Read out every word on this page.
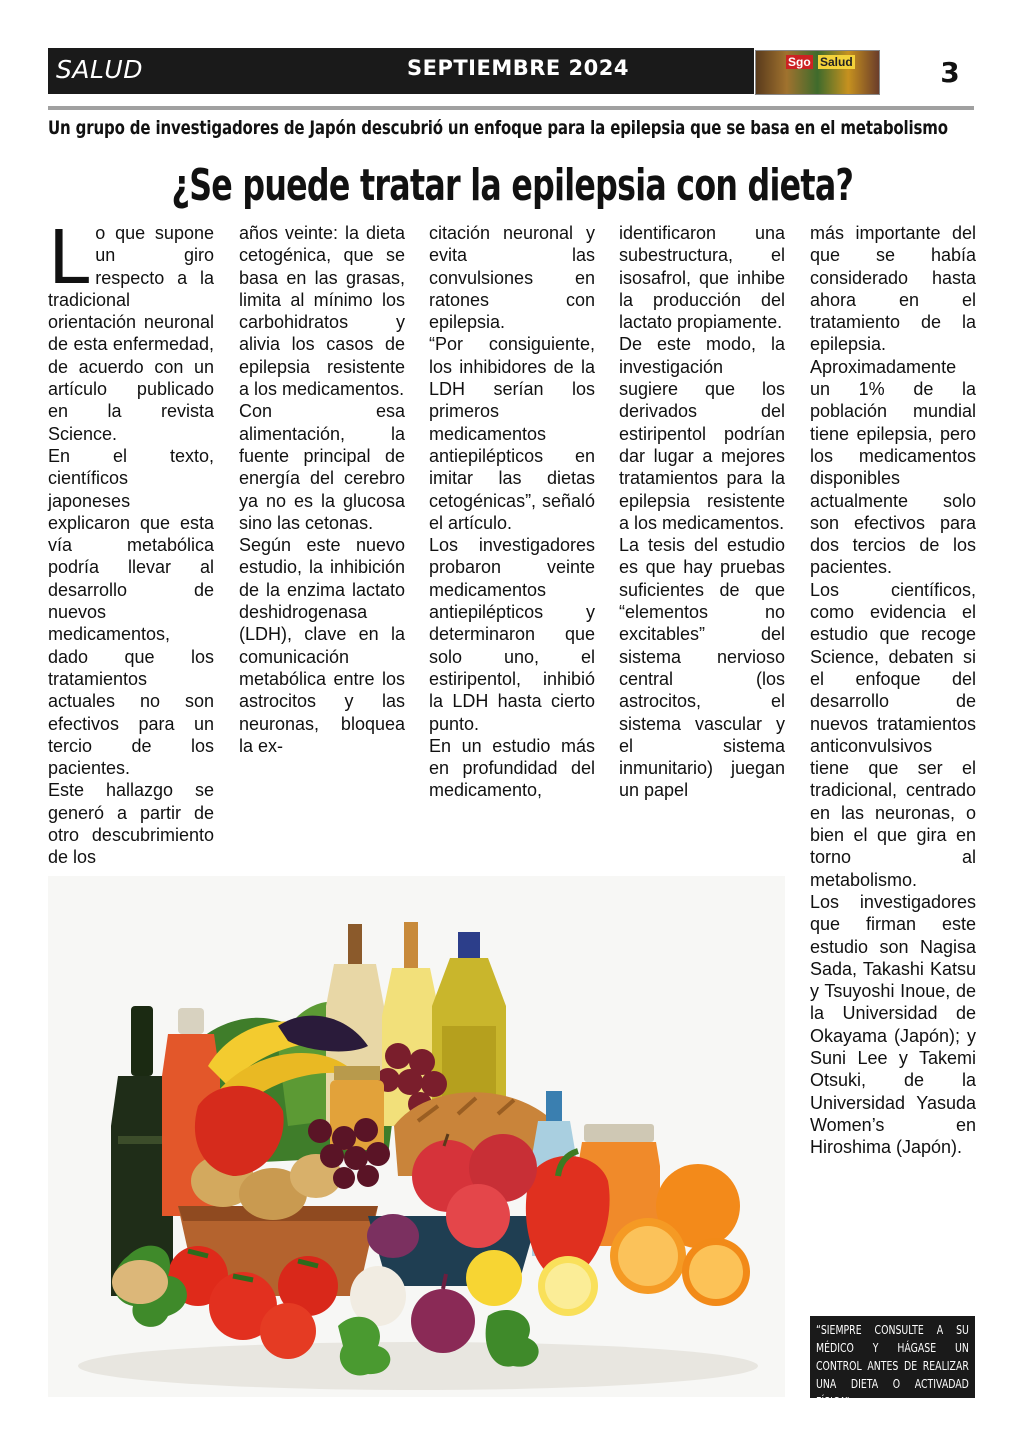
SALUD	SEPTIEMBRE 2024	Sgo Salud	3
Un grupo de investigadores de Japón descubrió un enfoque para la epilepsia que se basa en el metabolismo
¿Se puede tratar la epilepsia con dieta?

Lo que supone un giro respecto a la tradicional orientación neuronal de esta enfermedad, de acuerdo con un artículo publicado en la revista Science.

En el texto, científicos japoneses explicaron que esta vía metabólica podría llevar al desarrollo de nuevos medicamentos, dado que los tratamientos actuales no son efectivos para un tercio de los pacientes.

Este hallazgo se generó a partir de otro descubrimiento de los

años veinte: la dieta cetogénica, que se basa en las grasas, limita al mínimo los carbohidratos y alivia los casos de epilepsia resistente a los medicamentos.

Con esa alimentación, la fuente principal de energía del cerebro ya no es la glucosa sino las cetonas.

Según este nuevo estudio, la inhibición de la enzima lactato deshidrogenasa (LDH), clave en la comunicación metabólica entre los astrocitos y las neuronas, bloquea la ex-

citación neuronal y evita las convulsiones en ratones con epilepsia.

“Por consiguiente, los inhibidores de la LDH serían los primeros medicamentos antiepilépticos en imitar las dietas cetogénicas”, señaló el artículo.

Los investigadores probaron veinte medicamentos antiepilépticos y determinaron que solo uno, el estiripentol, inhibió la LDH hasta cierto punto.

En un estudio más en profundidad del medicamento,

identificaron una subestructura, el isosafrol, que inhibe la producción del lactato propiamente.

De este modo, la investigación sugiere que los derivados del estiripentol podrían dar lugar a mejores tratamientos para la epilepsia resistente a los medicamentos.

La tesis del estudio es que hay pruebas suficientes de que “elementos no excitables” del sistema nervioso central (los astrocitos, el sistema vascular y el sistema inmunitario) juegan un papel

más importante del que se había considerado hasta ahora en el tratamiento de la epilepsia.

Aproximadamente un 1% de la población mundial tiene epilepsia, pero los medicamentos disponibles actualmente solo son efectivos para dos tercios de los pacientes.

Los científicos, como evidencia el estudio que recoge Science, debaten si el enfoque del desarrollo de nuevos tratamientos anticonvulsivos tiene que ser el tradicional, centrado en las neuronas, o bien el que gira en torno al metabolismo.

Los investigadores que firman este estudio son Nagisa Sada, Takashi Katsu y Tsuyoshi Inoue, de la Universidad de Okayama (Japón); y Suni Lee y Takemi Otsuki, de la Universidad Yasuda Women’s en Hiroshima (Japón).

“SIEMPRE CONSULTE A SU MÉDICO Y HÁGASE UN CONTROL ANTES DE REALIZAR UNA DIETA O ACTIVADAD FÍSICA”
